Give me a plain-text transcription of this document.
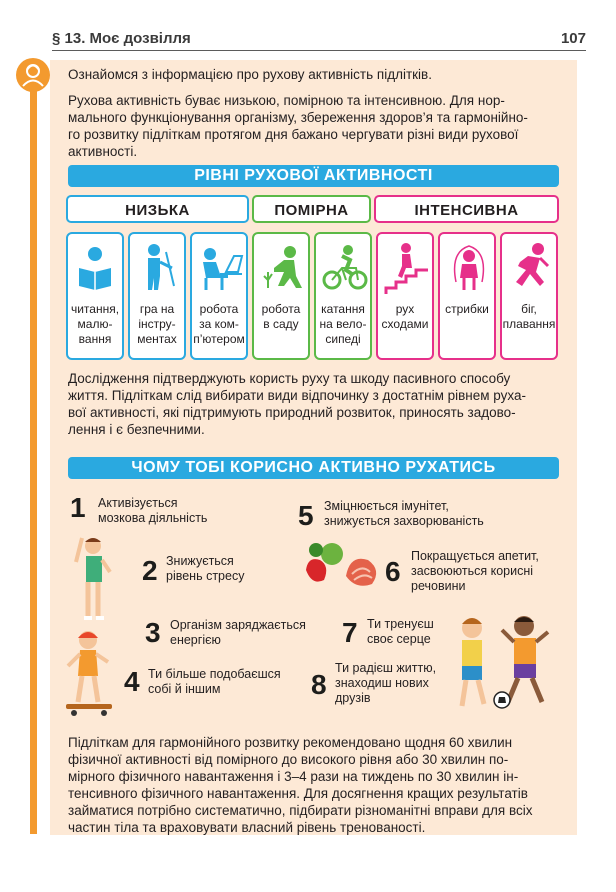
§ 13. Моє дозвілля	107
Ознайомся з інформацією про рухову активність підлітків.
Рухова активність буває низькою, помірною та інтенсивною. Для нор-
мального функціонування організму, збереження здоров’я та гармонійно-
го розвитку підліткам протягом дня бажано чергувати різні види рухової
активності.
РІВНІ РУХОВОЇ АКТИВНОСТІ
НИЗЬКА	ПОМІРНА	ІНТЕНСИВНА
читання,
малю-
вання
гра на
інстру-
ментах
робота
за ком-
п’ютером
робота
в саду
катання
на вело-
сипеді
рух
сходами
стрибки	біг,
плавання
Дослідження підтверджують користь руху та шкоду пасивного способу
життя. Підліткам слід вибирати види відпочинку з достатнім рівнем руха-
вої активності, які підтримують природний розвиток, приносять задово-
лення і є безпечними.
ЧОМУ ТОБІ КОРИСНО АКТИВНО РУХАТИСЬ
1 Активізується
мозкова діяльність
2 Знижується
рівень стресу
3 Організм заряджається
енергією
4 Ти більше подобаєшся
собі й іншим
5 Зміцнюється імунітет,
знижується захворюваність
6 Покращується апетит,
засвоюються корисні
речовини
7 Ти тренуєш
своє серце
8
Ти радієш життю,
знаходиш нових
друзів
Підліткам для гармонійного розвитку рекомендовано щодня 60 хвилин
фізичної активності від помірного до високого рівня або 30 хвилин по-
мірного фізичного навантаження і 3–4 рази на тиждень по 30 хвилин ін-
тенсивного фізичного навантаження. Для досягнення кращих результатів
займатися потрібно систематично, підбирати різноманітні вправи для всіх
частин тіла та враховувати власний рівень тренованості.
